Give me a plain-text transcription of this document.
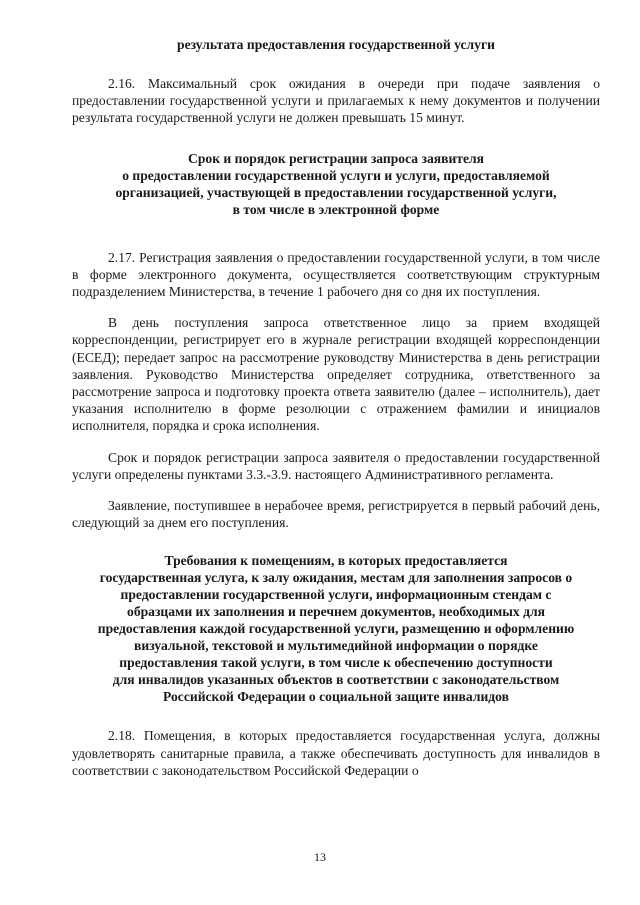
результата предоставления государственной услуги

2.16. Максимальный срок ожидания в очереди при подаче заявления о предоставлении государственной услуги и прилагаемых к нему документов и получении результата государственной услуги не должен превышать 15 минут.

Срок и порядок регистрации запроса заявителя

о предоставлении государственной услуги и услуги, предоставляемой

организацией, участвующей в предоставлении государственной услуги,

в том числе в электронной форме

2.17. Регистрация заявления о предоставлении государственной услуги, в том числе в форме электронного документа, осуществляется соответствующим структурным подразделением Министерства, в течение 1 рабочего дня со дня их поступления.

В день поступления запроса ответственное лицо за прием входящей корреспонденции, регистрирует его в журнале регистрации входящей корреспонденции (ЕСЕД); передает запрос на рассмотрение руководству Министерства в день регистрации заявления. Руководство Министерства определяет сотрудника, ответственного за рассмотрение запроса и подготовку проекта ответа заявителю (далее – исполнитель), дает указания исполнителю в форме резолюции с отражением фамилии и инициалов исполнителя, порядка и срока исполнения.

Срок и порядок регистрации запроса заявителя о предоставлении государственной услуги определены пунктами 3.3.-3.9. настоящего Административного регламента.

Заявление, поступившее в нерабочее время, регистрируется в первый рабочий день, следующий за днем его поступления.

Требования к помещениям, в которых предоставляется

государственная услуга, к залу ожидания, местам для заполнения запросов о

предоставлении государственной услуги, информационным стендам с

образцами их заполнения и перечнем документов, необходимых для

предоставления каждой государственной услуги, размещению и оформлению

визуальной, текстовой и мультимедийной информации о порядке

предоставления такой услуги, в том числе к обеспечению доступности

для инвалидов указанных объектов в соответствии с законодательством

Российской Федерации о социальной защите инвалидов

2.18. Помещения, в которых предоставляется государственная услуга, должны удовлетворять санитарные правила, а также обеспечивать доступность для инвалидов в соответствии с законодательством Российской Федерации о

13
